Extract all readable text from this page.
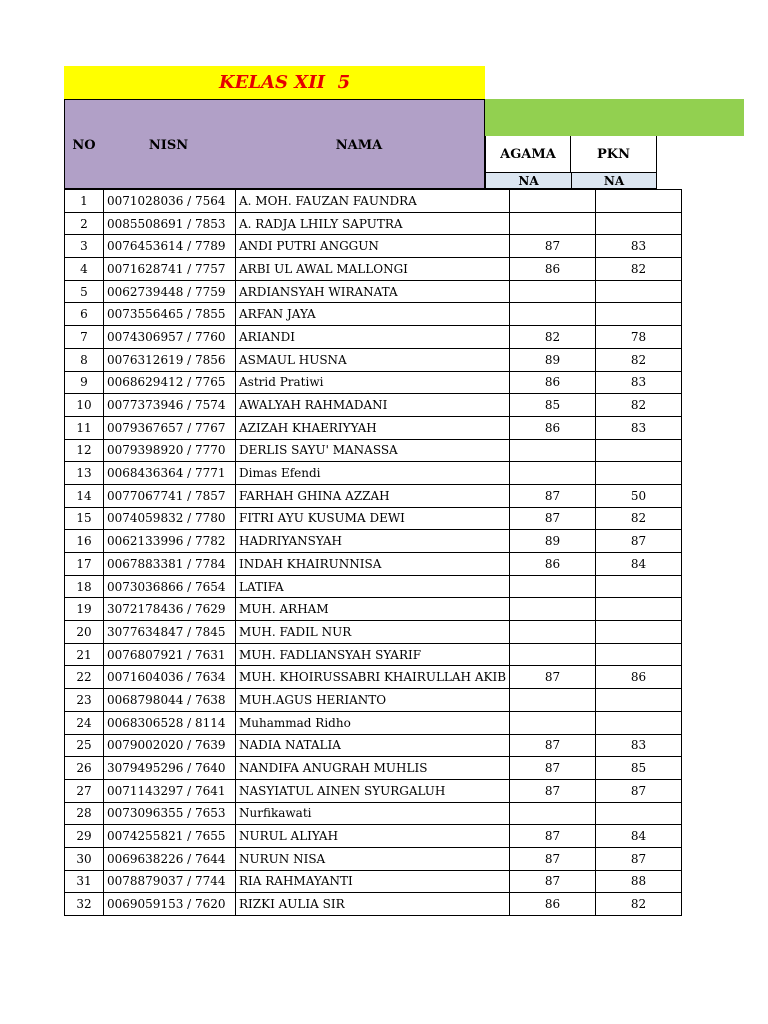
KELAS XII  5
NO	NISN	NAMA
AGAMA	PKN
NA	NA
1	0071028036 / 7564	A. MOH. FAUZAN FAUNDRA		
2	0085508691 / 7853	A. RADJA LHILY SAPUTRA		
3	0076453614 / 7789	ANDI PUTRI ANGGUN	87	83
4	0071628741 / 7757	ARBI UL AWAL MALLONGI	86	82
5	0062739448 / 7759	ARDIANSYAH WIRANATA		
6	0073556465 / 7855	ARFAN JAYA		
7	0074306957 / 7760	ARIANDI	82	78
8	0076312619 / 7856	ASMAUL HUSNA	89	82
9	0068629412 / 7765	Astrid Pratiwi	86	83
10	0077373946 / 7574	AWALYAH RAHMADANI	85	82
11	0079367657 / 7767	AZIZAH KHAERIYYAH	86	83
12	0079398920 / 7770	DERLIS SAYU' MANASSA		
13	0068436364 / 7771	Dimas Efendi		
14	0077067741 / 7857	FARHAH GHINA AZZAH	87	50
15	0074059832 / 7780	FITRI AYU KUSUMA DEWI	87	82
16	0062133996 / 7782	HADRIYANSYAH	89	87
17	0067883381 / 7784	INDAH KHAIRUNNISA	86	84
18	0073036866 / 7654	LATIFA		
19	3072178436 / 7629	MUH. ARHAM		
20	3077634847 / 7845	MUH. FADIL NUR		
21	0076807921 / 7631	MUH. FADLIANSYAH SYARIF		
22	0071604036 / 7634	MUH. KHOIRUSSABRI KHAIRULLAH AKIB	87	86
23	0068798044 / 7638	MUH.AGUS HERIANTO		
24	0068306528 / 8114	Muhammad Ridho		
25	0079002020 / 7639	NADIA NATALIA	87	83
26	3079495296 / 7640	NANDIFA ANUGRAH MUHLIS	87	85
27	0071143297 / 7641	NASYIATUL AINEN SYURGALUH	87	87
28	0073096355 / 7653	Nurfikawati		
29	0074255821 / 7655	NURUL ALIYAH	87	84
30	0069638226 / 7644	NURUN NISA	87	87
31	0078879037 / 7744	RIA RAHMAYANTI	87	88
32	0069059153 / 7620	RIZKI AULIA SIR	86	82
